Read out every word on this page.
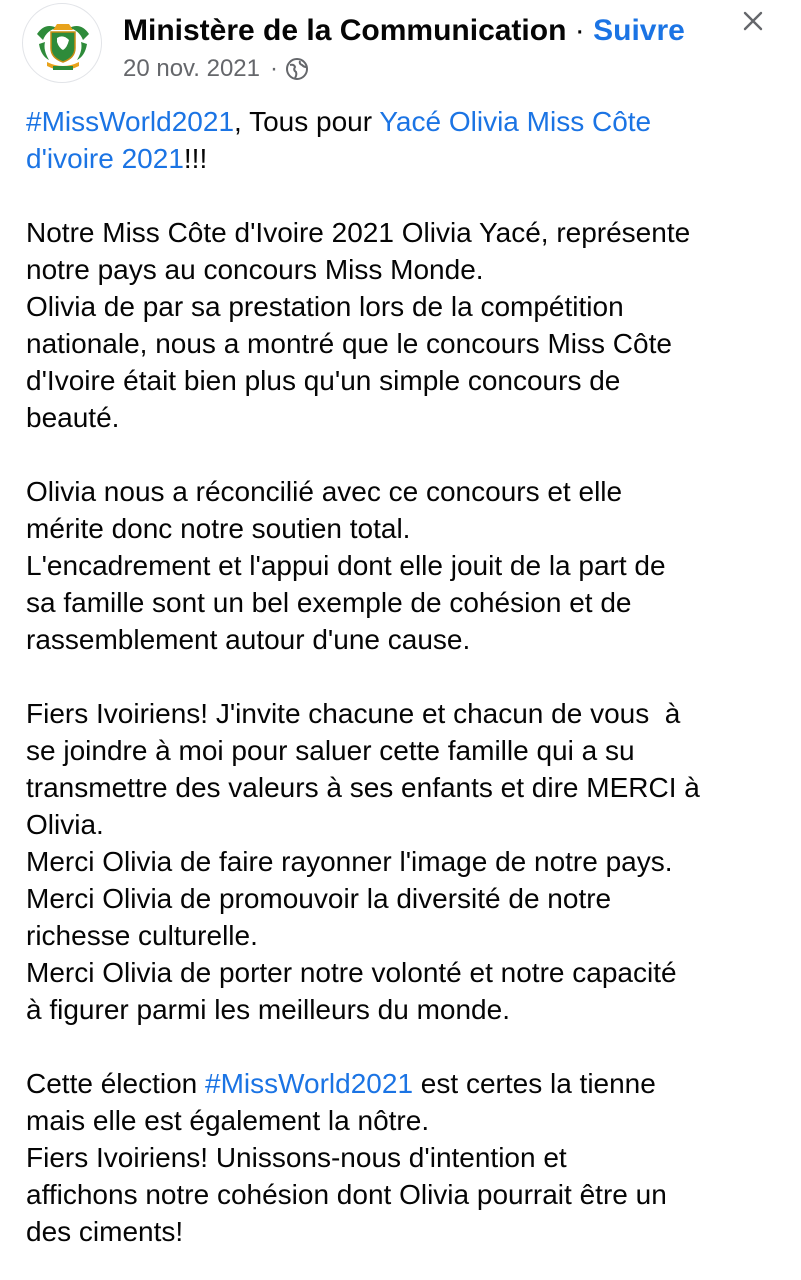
Ministère de la Communication · Suivre
20 nov. 2021 ·

#MissWorld2021, Tous pour Yacé Olivia Miss Côte

d'ivoire 2021!!!

Notre Miss Côte d'Ivoire 2021 Olivia Yacé, représente

notre pays au concours Miss Monde.

Olivia de par sa prestation lors de la compétition

nationale, nous a montré que le concours Miss Côte

d'Ivoire était bien plus qu'un simple concours de

beauté.

Olivia nous a réconcilié avec ce concours et elle

mérite donc notre soutien total.

L'encadrement et l'appui dont elle jouit de la part de

sa famille sont un bel exemple de cohésion et de

rassemblement autour d'une cause.

Fiers Ivoiriens! J'invite chacune et chacun de vous  à

se joindre à moi pour saluer cette famille qui a su

transmettre des valeurs à ses enfants et dire MERCI à

Olivia.

Merci Olivia de faire rayonner l'image de notre pays.

Merci Olivia de promouvoir la diversité de notre

richesse culturelle.

Merci Olivia de porter notre volonté et notre capacité

à figurer parmi les meilleurs du monde.

Cette élection #MissWorld2021 est certes la tienne

mais elle est également la nôtre.

Fiers Ivoiriens! Unissons-nous d'intention et

affichons notre cohésion dont Olivia pourrait être un

des ciments!
